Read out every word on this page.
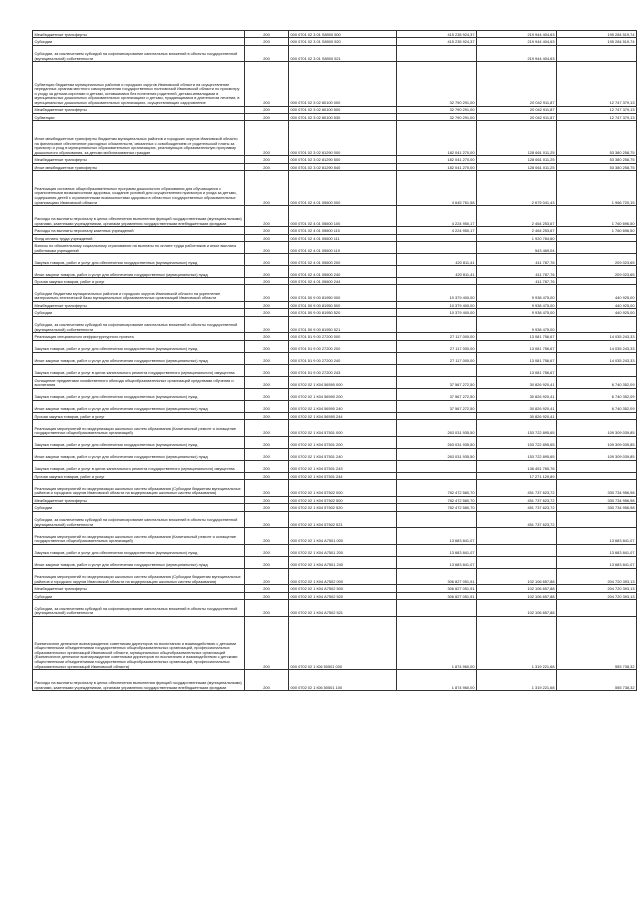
Межбюджетные трансферты	200	000 0701 02 3 01 S8900 500	415 235 924,37	219 944 404,63	195 284 519,74
Субсидии	200	000 0701 02 3 01 S8900 520	415 235 924,37	219 944 404,63	195 284 519,74
Субсидии, за исключением субсидий на софинансирование капитальных вложений в объекты государственной (муниципальной) собственности	200	000 0701 02 3 01 S8900 521		219 944 404,63	
Субвенции бюджетам муниципальных районов и городских округов Ивановской области на осуществление переданных органам местного самоуправления государственных полномочий Ивановской области по присмотру и уходу за детьми-сиротами и детьми, оставшимися без попечения родителей, детьми-инвалидами в муниципальных дошкольных образовательных организациях и детьми, нуждающимися в длительном лечении, в муниципальных дошкольных образовательных организациях, осуществляющих оздоровление	200	000 0701 02 3 02 80100 000	32 790 291,00	20 042 911,87	12 747 379,13
Межбюджетные трансферты	200	000 0701 02 3 02 80100 500	32 790 291,00	20 042 911,87	12 747 379,13
Субвенции	200	000 0701 02 3 02 80100 530	32 790 291,00	20 042 911,87	12 747 379,13
Иные межбюджетные трансферты бюджетам муниципальных районов и городских округов Ивановской области на финансовое обеспечение расходных обязательств, связанных с освобождением от родительской платы за присмотр и уход в муниципальных образовательных организациях, реализующих образовательную программу дошкольного образования, за детьми мобилизованных граждан	200	000 0701 02 3 02 81290 000	182 041 270,00	128 661 011,25	53 380 258,75
Межбюджетные трансферты	200	000 0701 02 3 02 81290 500	182 041 270,00	128 661 011,25	53 380 258,75
Иные межбюджетные трансферты	200	000 0701 02 3 02 81290 540	182 041 270,00	128 661 011,25	53 380 258,75
Реализация основных общеобразовательных программ дошкольного образования для обучающихся с ограниченными возможностями здоровья, создание условий для осуществления присмотра и ухода за детьми, содержания детей с ограниченными возможностями здоровья в областных государственных образовательных организациях Ивановской области	200	000 0701 02 4 01 05600 000	4 645 761,58	2 679 041,43	1 966 720,15
Расходы на выплаты персоналу в целях обеспечения выполнения функций государственными (муниципальными) органами, казенными учреждениями, органами управления государственными внебюджетными фондами	200	000 0701 02 4 01 05600 100	4 224 950,17	2 464 253,67	1 760 696,50
Расходы на выплаты персоналу казенных учреждений	200	000 0701 02 4 01 05600 110	4 224 950,17	2 464 253,67	1 760 696,50
Фонд оплаты труда учреждений	200	000 0701 02 4 01 05600 111		1 920 784,60	
Взносы по обязательному социальному страхованию на выплаты по оплате труда работников и иные выплаты работникам учреждений	200	000 0701 02 4 01 05600 119		543 469,04	
Закупка товаров, работ и услуг для обеспечения государственных (муниципальных) нужд	200	000 0701 02 4 01 05600 200	420 811,41	411 787,76	209 023,65
Иные закупки товаров, работ и услуг для обеспечения государственных (муниципальных) нужд	200	000 0701 02 4 01 05600 240	420 811,41	411 787,76	209 023,65
Прочая закупка товаров, работ и услуг	200	000 0701 02 4 01 05600 244		411 787,76	
Субсидии бюджетам муниципальных районов и городских округов Ивановской области на укрепление материально-технической базы муниципальных образовательных организаций Ивановской области	200	000 0701 50 9 00 81950 000	10 379 400,00	9 938 475,00	440 925,00
Межбюджетные трансферты	200	000 0701 50 9 00 81950 500	10 379 400,00	9 938 475,00	440 925,00
Субсидии	200	000 0701 50 9 00 81950 520	10 379 400,00	9 938 475,00	440 925,00
Субсидии, за исключением субсидий на софинансирование капитальных вложений в объекты государственной (муниципальной) собственности	200	000 0701 50 9 00 81950 521		9 938 475,00	
Реализация специального инфраструктурного проекта	200	000 0701 51 9 00 27200 000	27 117 000,00	13 081 756,67	14 035 243,33
Закупка товаров, работ и услуг для обеспечения государственных (муниципальных) нужд	200	000 0701 51 9 00 27200 200	27 117 000,00	13 081 756,67	14 035 243,33
Иные закупки товаров, работ и услуг для обеспечения государственных (муниципальных) нужд	200	000 0701 51 9 00 27200 240	27 117 000,00	13 081 756,67	14 035 243,33
Закупка товаров, работ и услуг в целях капитального ремонта государственного (муниципального) имущества	200	000 0701 51 9 00 27200 243		13 081 756,67	
Оснащение предметами хозяйственного обихода общеобразовательных организаций средствами обучения и воспитания	200	000 0702 02 1 К04 56590 000	37 567 272,50	30 826 920,41	6 740 352,09
Закупка товаров, работ и услуг для обеспечения государственных (муниципальных) нужд	200	000 0702 02 1 К04 56590 200	37 567 272,50	30 826 920,41	6 740 352,09
Иные закупки товаров, работ и услуг для обеспечения государственных (муниципальных) нужд	200	000 0702 02 1 К04 56590 240	37 567 272,50	30 826 920,41	6 740 352,09
Прочая закупка товаров, работ и услуг	200	000 0702 02 1 К04 56590 244		30 826 920,41	
Реализация мероприятий по модернизации школьных систем образования (Капитальный ремонт и оснащение государственных общеобразовательных организаций)	200	000 0702 02 1 К04 57501 000	263 031 935,50	153 722 895,65	109 309 039,85
Закупка товаров, работ и услуг для обеспечения государственных (муниципальных) нужд	200	000 0702 02 1 К04 57501 200	263 031 935,50	153 722 895,65	109 309 039,85
Иные закупки товаров, работ и услуг для обеспечения государственных (муниципальных) нужд	200	000 0702 02 1 К04 57501 240	263 031 935,50	153 722 895,65	109 309 039,85
Закупка товаров, работ и услуг в целях капитального ремонта государственного (муниципального) имущества	200	000 0702 02 1 К04 57501 243		136 451 765,76	
Прочая закупка товаров, работ и услуг	200	000 0702 02 1 К04 57501 244		17 271 129,89	
Реализация мероприятий по модернизации школьных систем образования (Субсидии бюджетам муниципальных районов и городских округов Ивановской области на модернизацию школьных систем образования)	200	000 0702 02 1 К04 57502 000	782 472 580,70	451 737 623,72	330 734 956,98
Межбюджетные трансферты	200	000 0702 02 1 К04 57502 500	782 472 580,70	451 737 623,72	330 734 956,98
Субсидии	200	000 0702 02 1 К04 57502 520	782 472 580,70	451 737 623,72	330 734 956,98
Субсидии, за исключением субсидий на софинансирование капитальных вложений в объекты государственной (муниципальной) собственности	200	000 0702 02 1 К04 57502 521		451 737 623,72	
Реализация мероприятий по модернизации школьных систем образования (Капитальный ремонт и оснащение государственных общеобразовательных организаций)	200	000 0702 02 1 К04 А7501 000	13 683 841,07		13 683 841,07
Закупка товаров, работ и услуг для обеспечения государственных (муниципальных) нужд	200	000 0702 02 1 К04 А7501 200	13 683 841,07		13 683 841,07
Иные закупки товаров, работ и услуг для обеспечения государственных (муниципальных) нужд	200	000 0702 02 1 К04 А7501 240	13 683 841,07		13 683 841,07
Реализация мероприятий по модернизации школьных систем образования (Субсидии бюджетам муниципальных районов и городских округов Ивановской области на модернизацию школьных систем образования)	200	000 0702 02 1 К04 А7502 000	306 827 051,91	102 106 657,88	204 720 393,13
Межбюджетные трансферты	200	000 0702 02 1 К04 А7502 500	306 827 051,91	102 106 657,88	204 720 393,13
Субсидии	200	000 0702 02 1 К04 А7502 520	306 827 051,91	102 106 657,88	204 720 393,13
Субсидии, за исключением субсидий на софинансирование капитальных вложений в объекты государственной (муниципальной) собственности	200	000 0702 02 1 К04 А7502 521		102 106 657,88	
Ежемесячное денежное вознаграждение советникам директоров по воспитанию и взаимодействию с детскими общественными объединениями государственных общеобразовательных организаций, профессиональных образовательных организаций Ивановской области, муниципальных общеобразовательных организаций (Ежемесячное денежное вознаграждение советникам директоров по воспитанию и взаимодействию с детскими общественными объединениями государственных общеобразовательных организаций, профессиональных образовательных организаций Ивановской области)	200	000 0702 02 1 Ю6 50501 000	1 874 960,00	1 319 221,68	555 738,32
Расходы на выплаты персоналу в целях обеспечения выполнения функций государственными (муниципальными) органами, казенными учреждениями, органами управления государственными внебюджетными фондами	200	000 0702 02 1 Ю6 50501 100	1 874 960,00	1 319 221,68	555 738,32
